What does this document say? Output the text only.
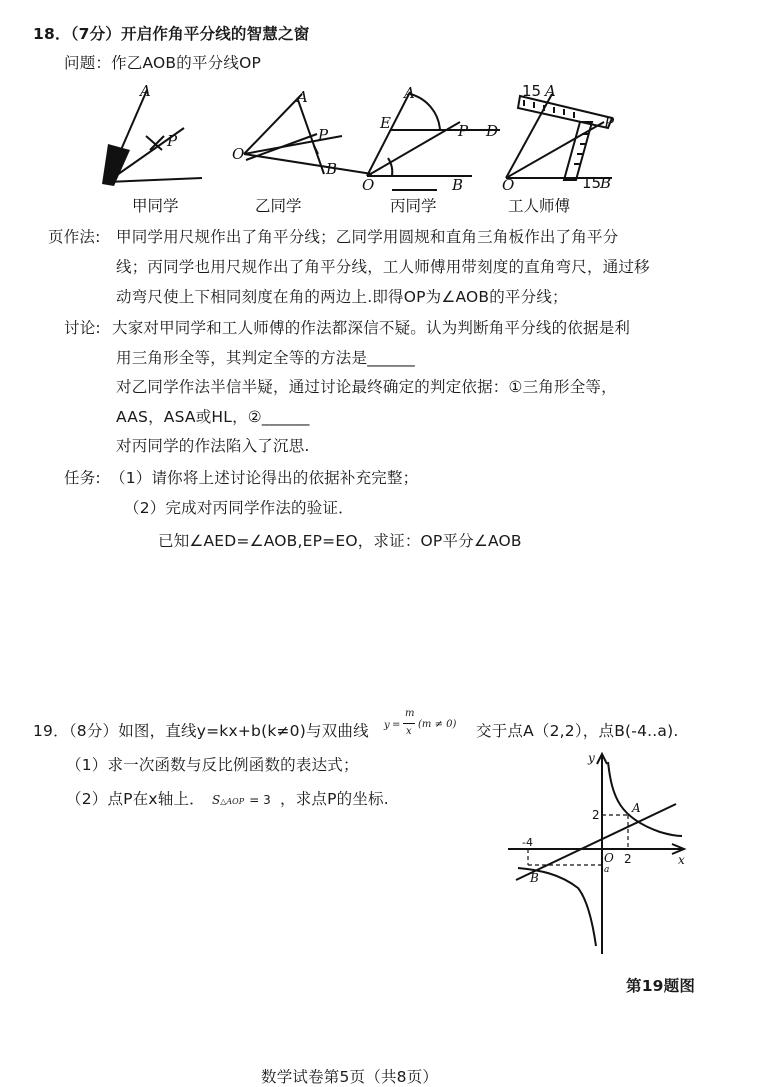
18．（7分）开启作角平分线的智慧之窗
问题：作乙AOB的平分线OP
A
P
A
O
P
B
A
E	P D
O	B
15 A
P
O	15
B
甲同学	乙同学	丙同学	工人师傅
页作法: 甲同学用尺规作出了角平分线；乙同学用圆规和直角三角板作出了角平分
线；丙同学也用尺规作出了角平分线，工人师傅用带刻度的直角弯尺，通过移
动弯尺使上下相同刻度在角的两边上.即得OP为∠AOB的平分线；
讨论: 大家对甲同学和工人师傅的作法都深信不疑。认为判断角平分线的依据是利
用三角形全等，其判定全等的方法是______
对乙同学作法半信半疑，通过讨论最终确定的判定依据：①三角形全等，
AAS，ASA或HL，②______
对丙同学的作法陷入了沉思.
任务: （1）请你将上述讨论得出的依据补充完整；
（2）完成对丙同学作法的验证．
已知∠AED=∠AOB,EP=EO，求证：OP平分∠AOB
19．（8分）如图，直线y=kx+b(k≠0)与双曲线 y =
m
x
(m ≠ 0) 交于点A（2,2），点B(-4..a).
（1）求一次函数与反比例函数的表达式；
（2）点P在x轴上． S△AOP = 3 ，求点P的坐标.
y
x
A
B
O
2
2
-4
a
第19题图
数学试卷第5页（共8页）
